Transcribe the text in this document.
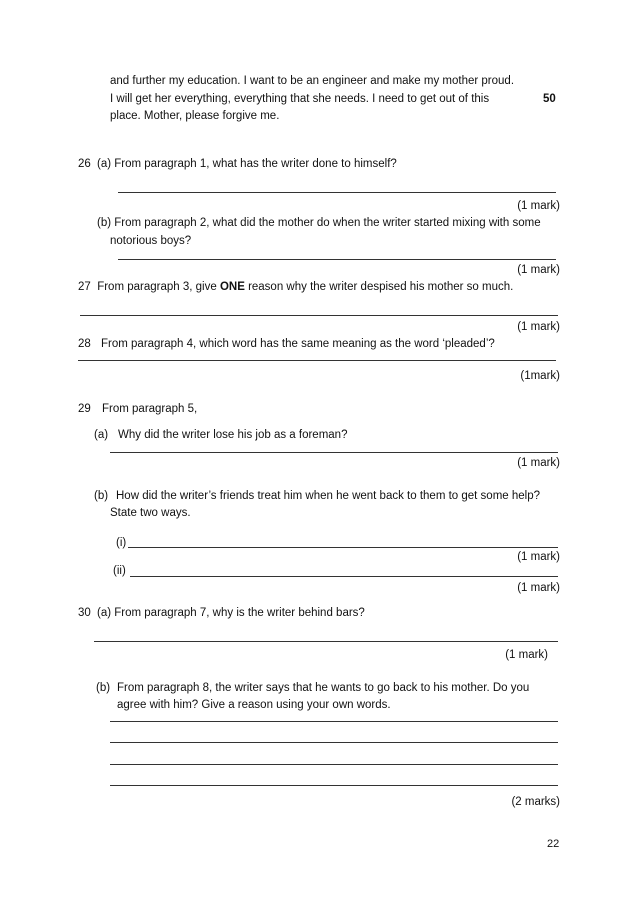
and further my education. I want to be an engineer and make my mother proud.
I will get her everything, everything that she needs. I need to get out of this	50
place. Mother, please forgive me.
26 (a) From paragraph 1, what has the writer done to himself?
(1 mark)
(b) From paragraph 2, what did the mother do when the writer started mixing with some
notorious boys?
(1 mark)
27 From paragraph 3, give ONE reason why the writer despised his mother so much.
(1 mark)
28 From paragraph 4, which word has the same meaning as the word ‘pleaded’?
(1mark)
29 From paragraph 5,
(a) Why did the writer lose his job as a foreman?
(1 mark)
(b) How did the writer’s friends treat him when he went back to them to get some help?
State two ways.
(i)
(1 mark)
(ii)
(1 mark)
30 (a) From paragraph 7, why is the writer behind bars?
(1 mark)
(b) From paragraph 8, the writer says that he wants to go back to his mother. Do you
agree with him? Give a reason using your own words.
(2 marks)
22
